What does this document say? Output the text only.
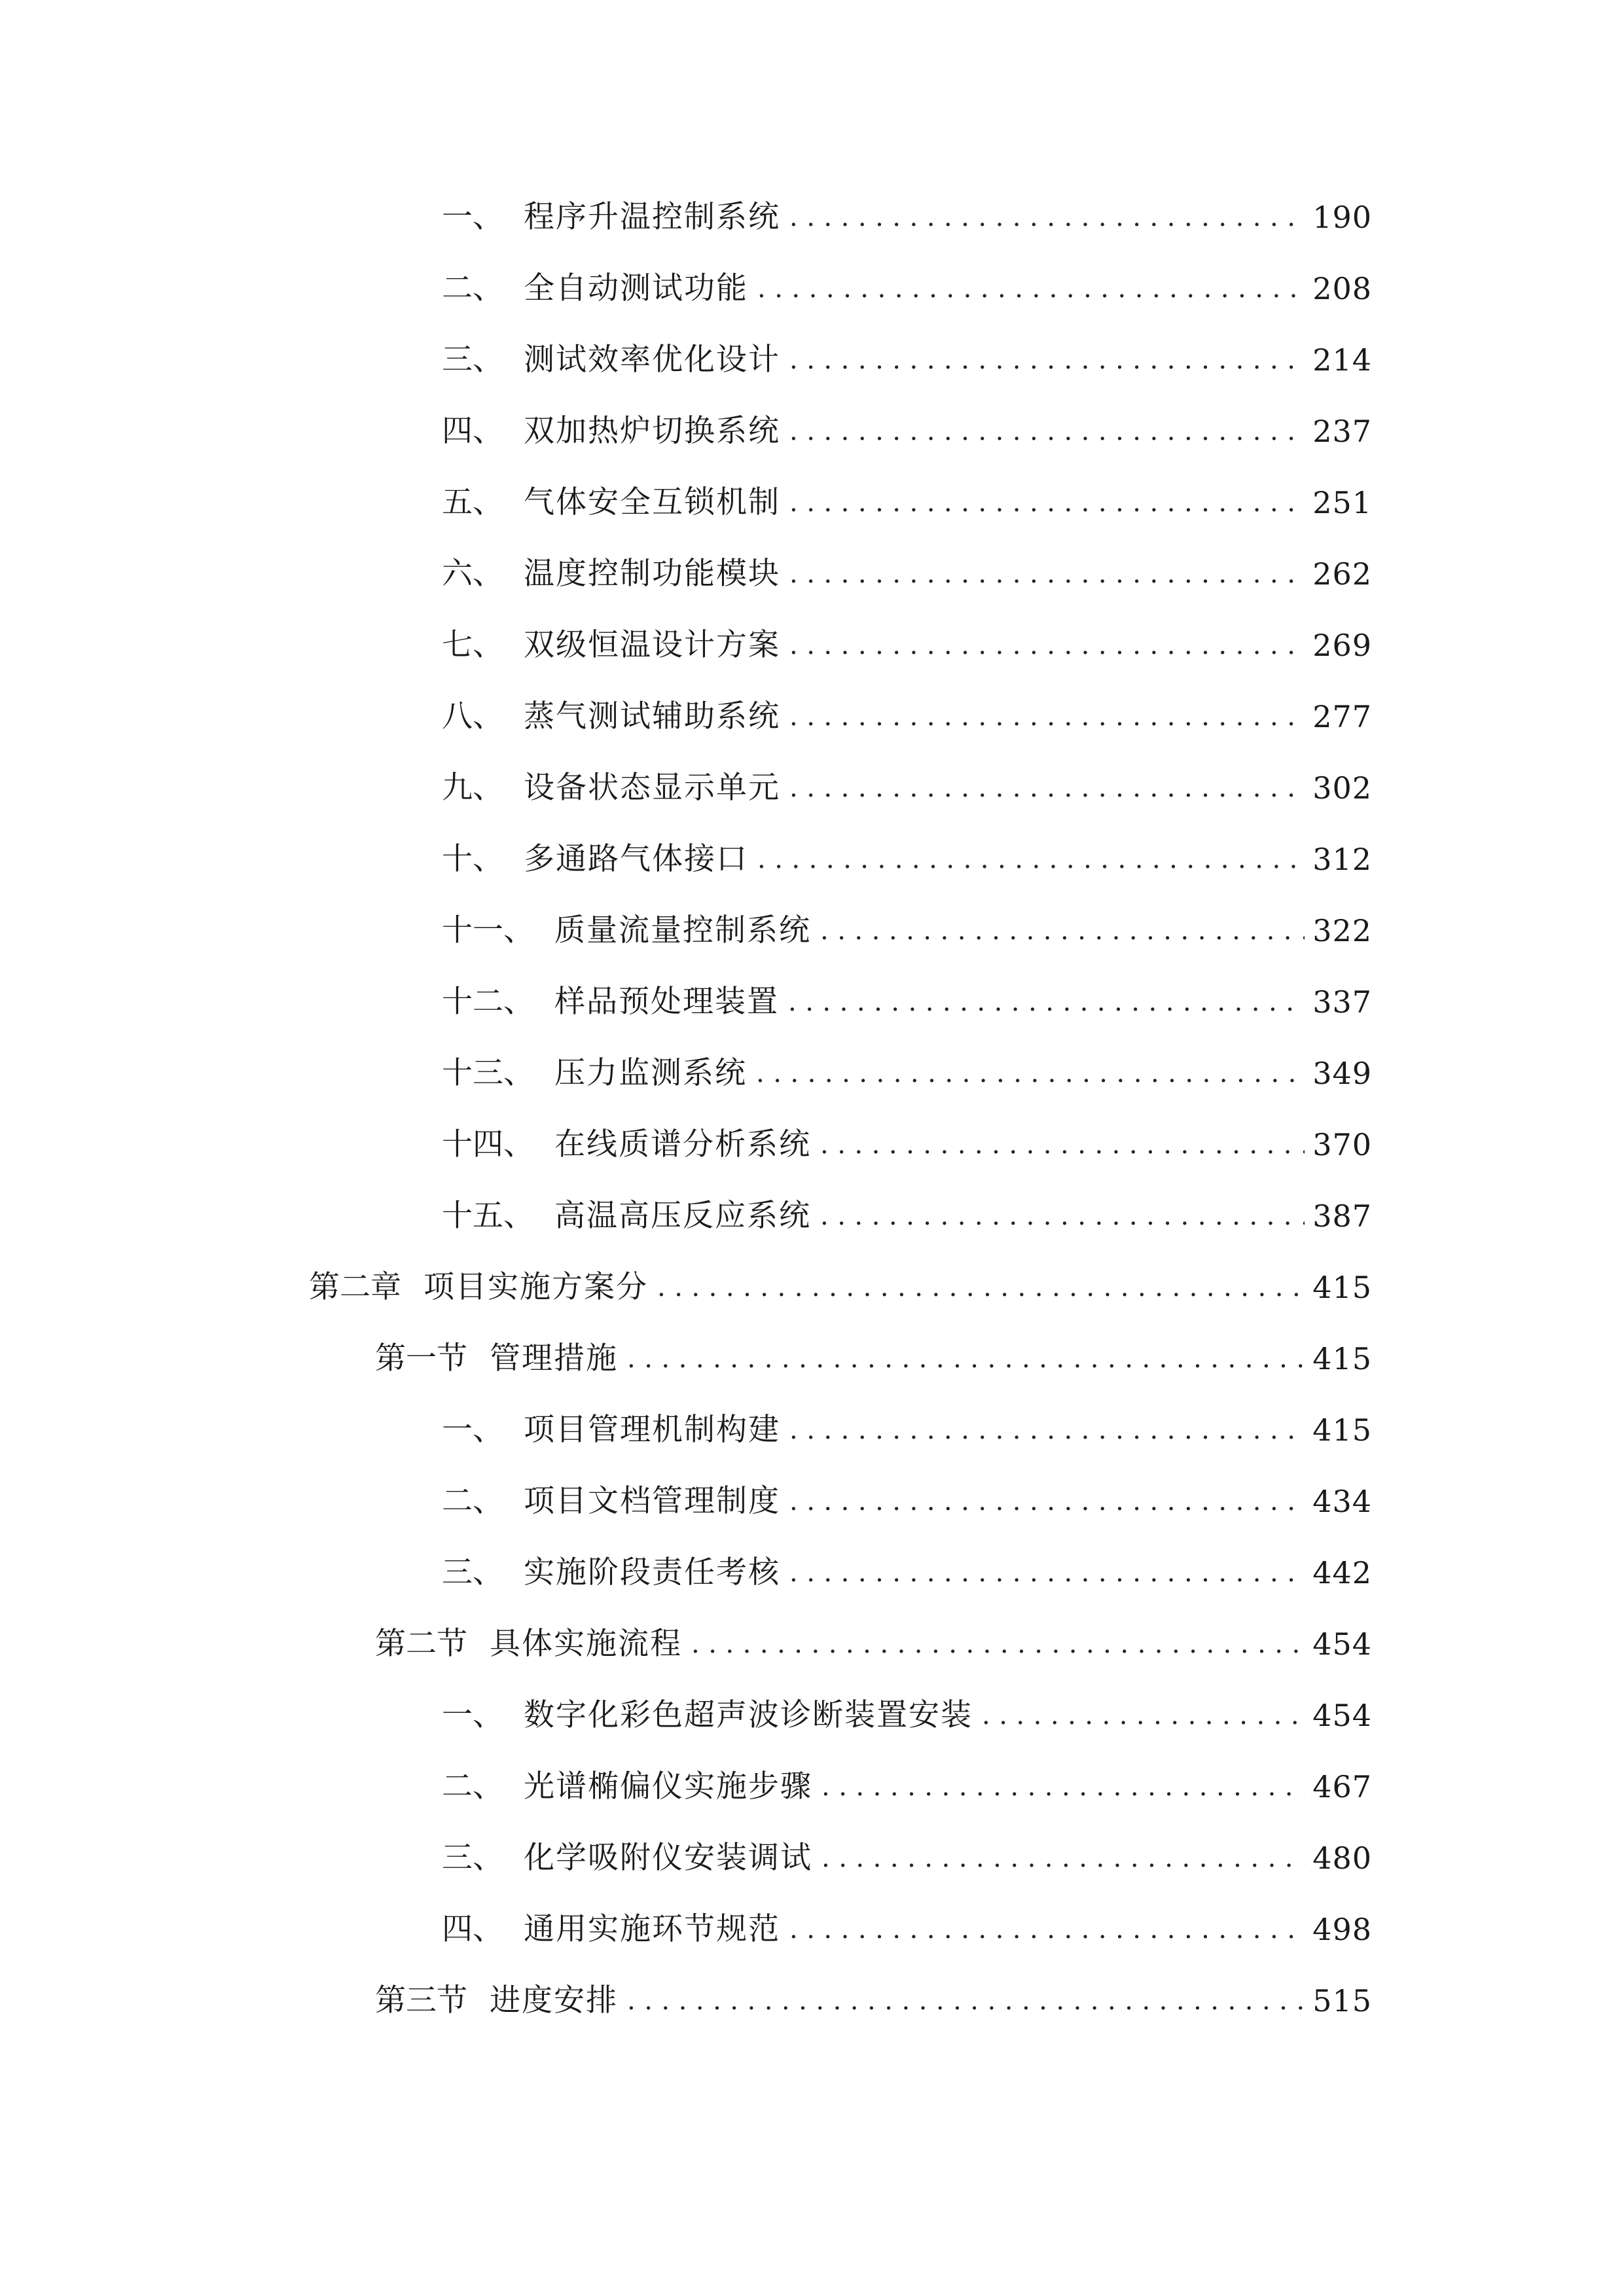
一、 程序升温控制系统 .....	190
二、 全自动测试功能 .....	208
三、 测试效率优化设计 .....	214
四、 双加热炉切换系统 .....	237
五、 气体安全互锁机制 .....	251
六、 温度控制功能模块 .....	262
七、 双级恒温设计方案 .....	269
八、 蒸气测试辅助系统 .....	277
九、 设备状态显示单元 .....	302
十、 多通路气体接口 .....	312
十一、 质量流量控制系统 .....	322
十二、 样品预处理装置 .....	337
十三、 压力监测系统 .....	349
十四、 在线质谱分析系统 .....	370
十五、 高温高压反应系统 .....	387
第二章 项目实施方案分 .....	415
第一节 管理措施 .....	415
一、 项目管理机制构建 .....	415
二、 项目文档管理制度 .....	434
三、 实施阶段责任考核 .....	442
第二节 具体实施流程 .....	454
一、 数字化彩色超声波诊断装置安装 .....	454
二、 光谱椭偏仪实施步骤 .....	467
三、 化学吸附仪安装调试 .....	480
四、 通用实施环节规范 .....	498
第三节 进度安排 .....	515
